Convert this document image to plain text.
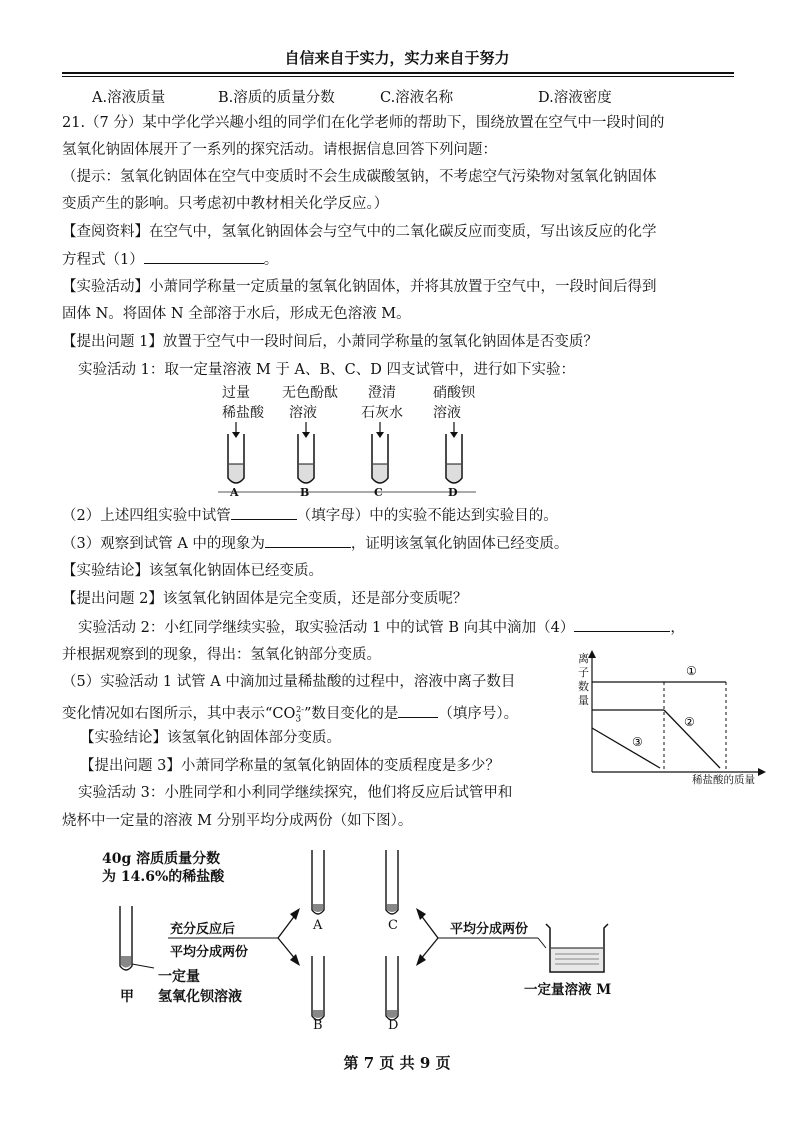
自信来自于实力，实力来自于努力
A.溶液质量	B.溶质的质量分数	C.溶液名称	D.溶液密度
21.（7 分）某中学化学兴趣小组的同学们在化学老师的帮助下，围绕放置在空气中一段时间的
氢氧化钠固体展开了一系列的探究活动。请根据信息回答下列问题：
（提示：氢氧化钠固体在空气中变质时不会生成碳酸氢钠，不考虑空气污染物对氢氧化钠固体
变质产生的影响。只考虑初中教材相关化学反应。）
【查阅资料】在空气中，氢氧化钠固体会与空气中的二氧化碳反应而变质，写出该反应的化学
方程式（1）	。
【实验活动】小萧同学称量一定质量的氢氧化钠固体，并将其放置于空气中，一段时间后得到
固体 N。将固体 N 全部溶于水后，形成无色溶液 M。
【提出问题 1】放置于空气中一段时间后，小萧同学称量的氢氧化钠固体是否变质？
实验活动 1：取一定量溶液 M 于 A、B、C、D 四支试管中，进行如下实验：
过量
稀盐酸
无色酚酞
溶液
澄清
石灰水
硝酸钡
溶液
A	B	C	D
（2）上述四组实验中试管	（填字母）中的实验不能达到实验目的。
（3）观察到试管 A 中的现象为	，证明该氢氧化钠固体已经变质。
【实验结论】该氢氧化钠固体已经变质。
【提出问题 2】该氢氧化钠固体是完全变质，还是部分变质呢？
实验活动 2：小红同学继续实验，取实验活动 1 中的试管 B 向其中滴加（4）	，
并根据观察到的现象，得出：氢氧化钠部分变质。
（5）实验活动 1 试管 A 中滴加过量稀盐酸的过程中，溶液中离子数目
变化情况如右图所示，其中表示“$CO_3^{2-}$”数目变化的是	（填序号）。
【实验结论】该氢氧化钠固体部分变质。
【提出问题 3】小萧同学称量的氢氧化钠固体的变质程度是多少？
实验活动 3：小胜同学和小利同学继续探究，他们将反应后试管甲和
烧杯中一定量的溶液 M 分别平均分成两份（如下图）。
离
子
数
量
①
②
③
稀盐酸的质量
40g 溶质质量分数
为 14.6%的稀盐酸
充分反应后
平均分成两份
平均分成两份
甲
一定量
氢氧化钡溶液
A
B
C
D
一定量溶液 M
第 7 页 共 9 页
